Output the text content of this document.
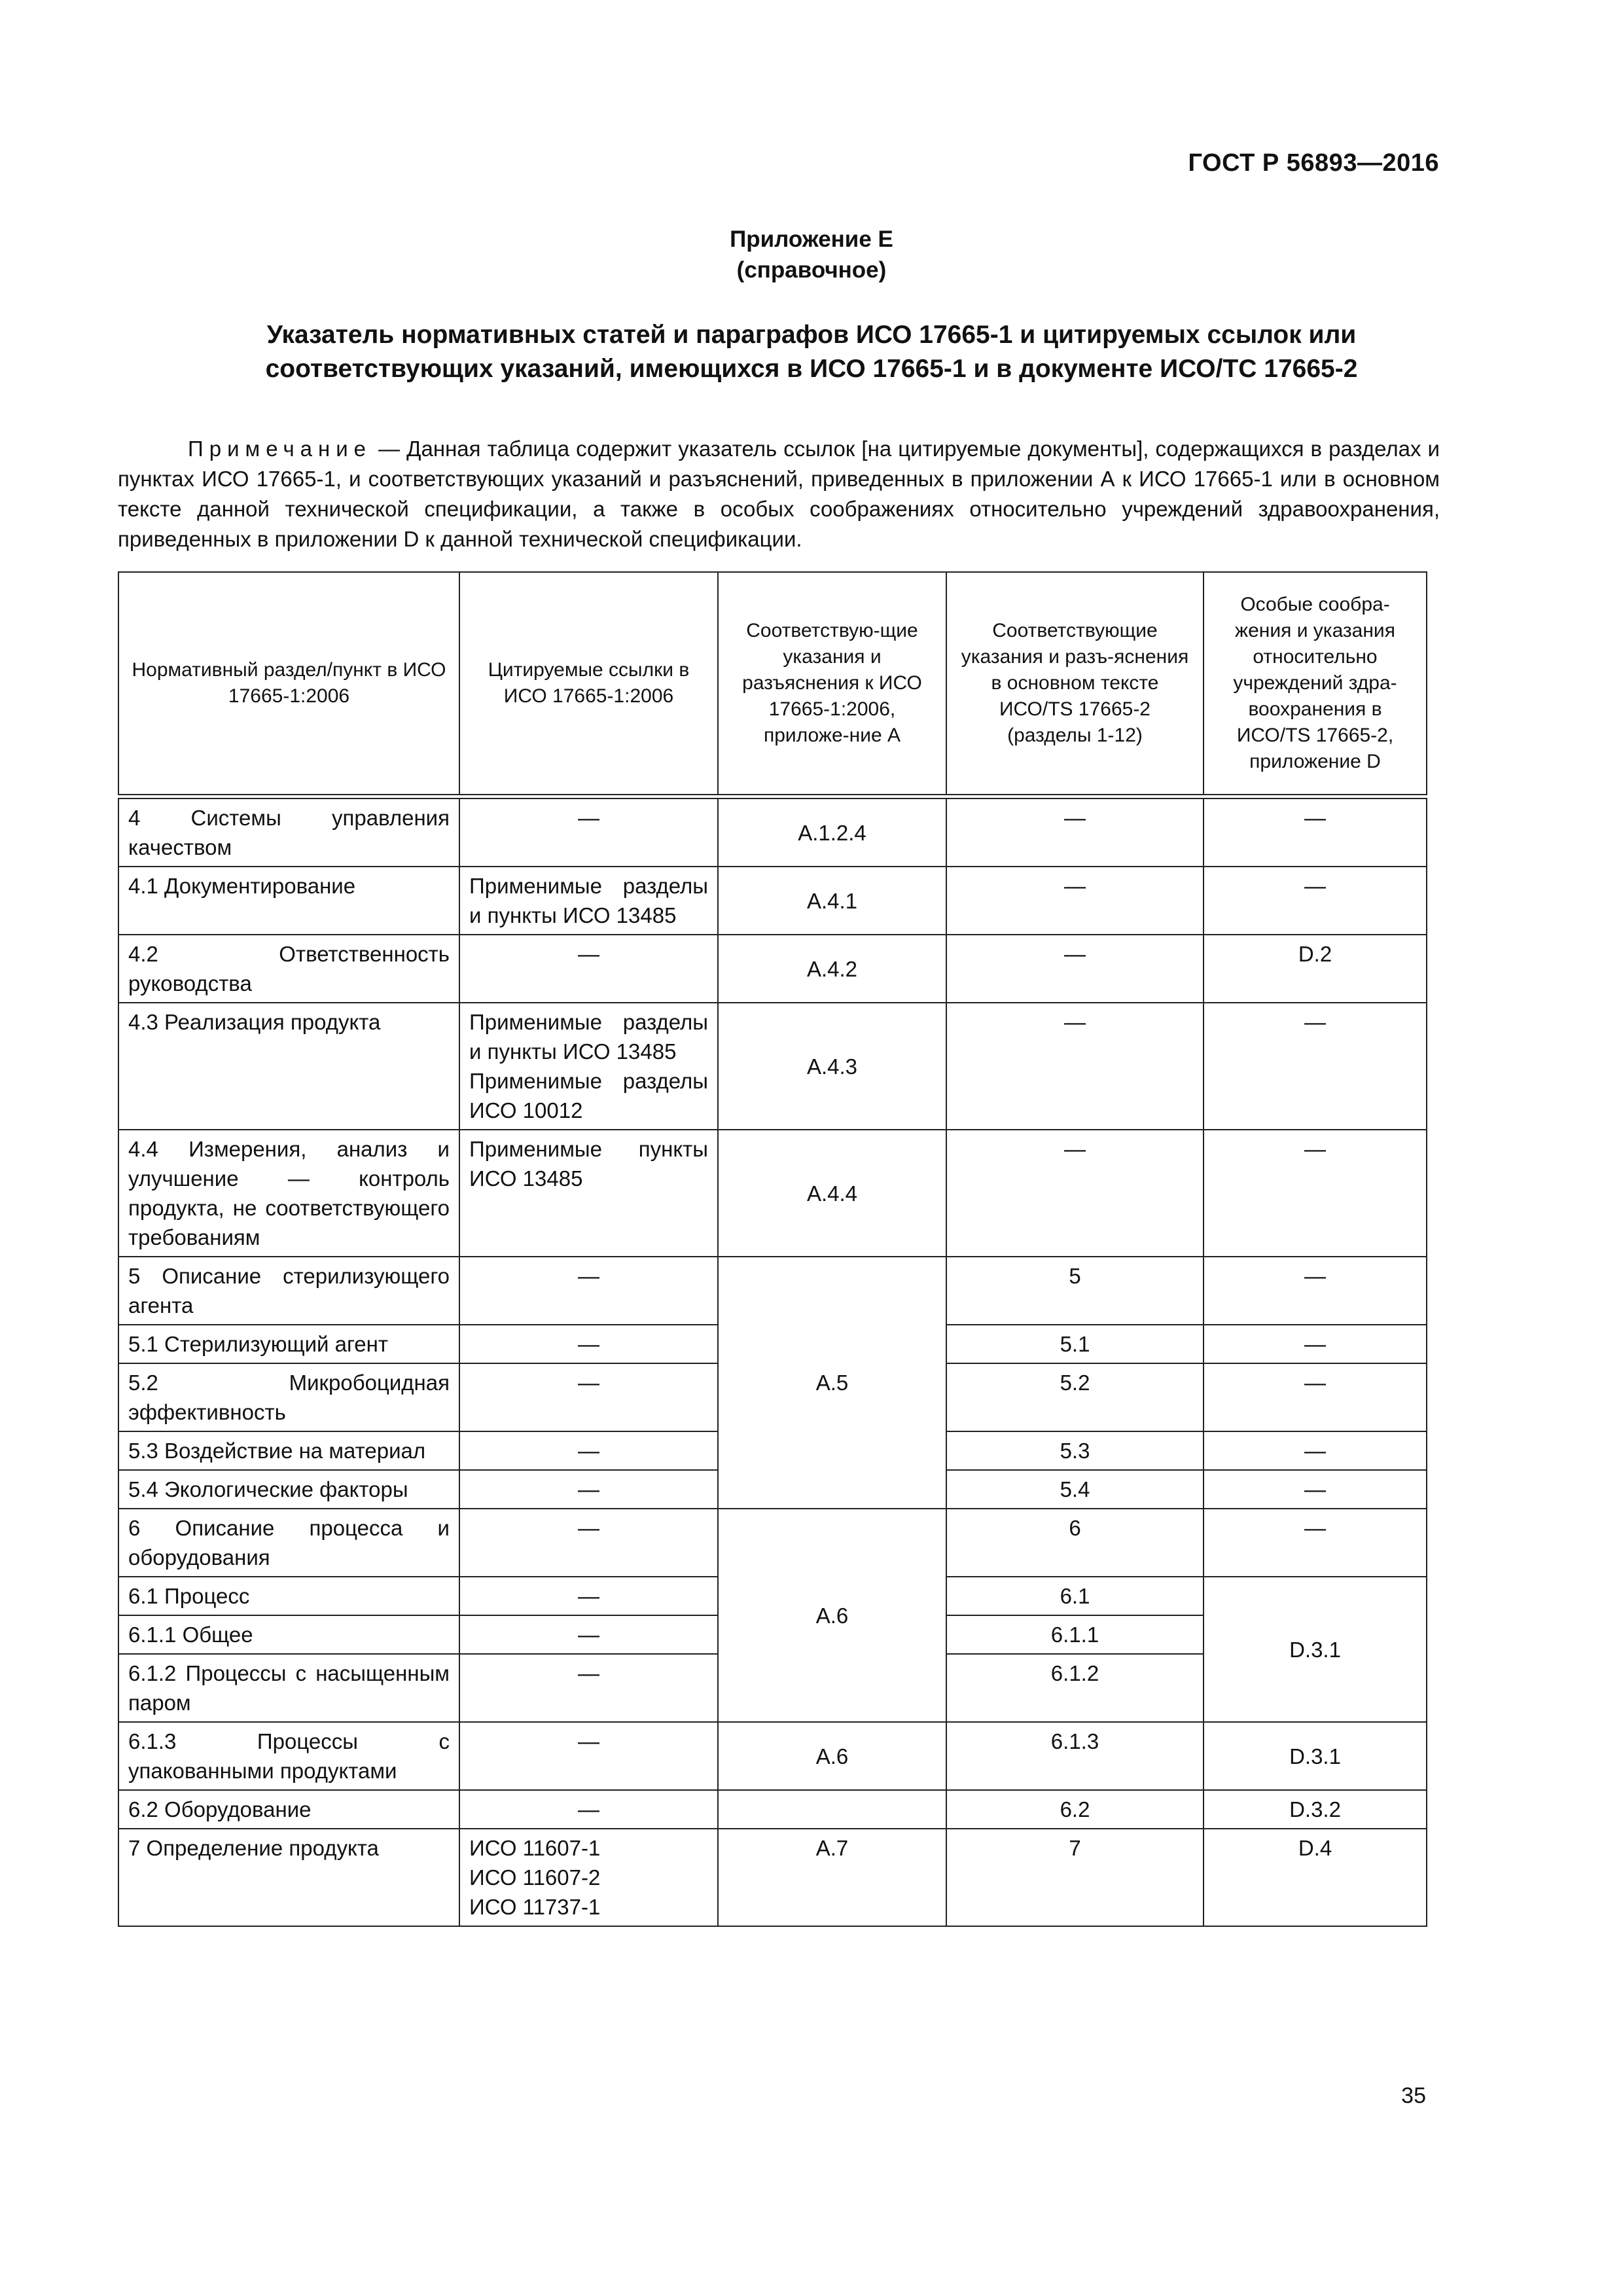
ГОСТ Р 56893—2016
Приложение Е
(справочное)
Указатель нормативных статей и параграфов ИСО 17665-1 и цитируемых ссылок или
соответствующих указаний, имеющихся в ИСО 17665-1 и в документе ИСО/ТС 17665-2

Примечание — Данная таблица содержит указатель ссылок [на цитируемые документы], содержащихся в разделах и пунктах ИСО 17665-1, и соответствующих указаний и разъяснений, приведенных в приложении А к ИСО 17665-1 или в основном тексте данной технической спецификации, а также в особых соображениях относительно учреждений здравоохранения, приведенных в приложении D к данной технической спецификации.

Нормативный раздел/пункт в ИСО 17665-1:2006	Цитируемые ссылки в ИСО 17665-1:2006	Соответствую-щие указания и разъяснения к ИСО 17665-1:2006, приложе-ние А	Соответствующие указания и разъ-яснения в основном тексте ИСО/TS 17665-2 (разделы 1-12)	Особые сообра-жения и указания относительно учреждений здра-воохранения в ИСО/TS 17665-2, приложение D

4 Системы управления качеством	—	А.1.2.4	—	—
4.1 Документирование	Применимые разделы и пункты ИСО 13485	А.4.1	—	—
4.2 Ответственность руководства	—	А.4.2	—	D.2
4.3 Реализация продукта	Применимые разделы и пункты ИСО 13485
Применимые разделы ИСО 10012	А.4.3	—	—
4.4 Измерения, анализ и улучшение — контроль продукта, не соответствующего требованиям	Применимые пункты ИСО 13485	А.4.4	—	—
5 Описание стерилизующего агента	—	А.5	5	—
5.1 Стерилизующий агент	—		5.1	—
5.2 Микробоцидная эффективность	—		5.2	—
5.3 Воздействие на материал	—		5.3	—
5.4 Экологические факторы	—		5.4	—
6 Описание процесса и оборудования	—	А.6	6	—
6.1 Процесс	—		6.1	D.3.1
6.1.1 Общее	—		6.1.1	
6.1.2 Процессы с насыщенным паром	—		6.1.2	
6.1.3 Процессы с упакованными продуктами	—	А.6	6.1.3	D.3.1
6.2 Оборудование	—		6.2	D.3.2
7 Определение продукта	ИСО 11607-1
ИСО 11607-2
ИСО 11737-1	А.7	7	D.4
35
